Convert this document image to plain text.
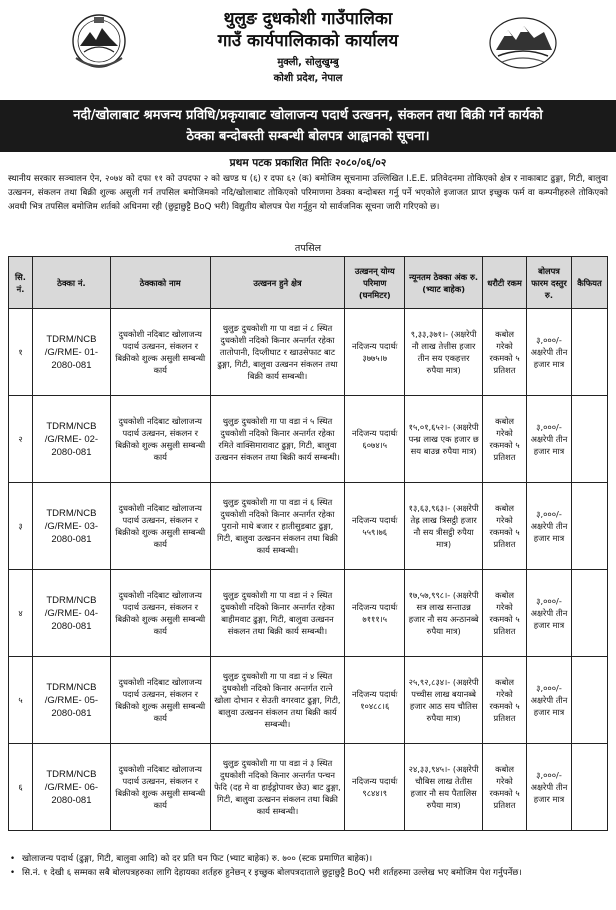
थुलुङ दुधकोशी गाउँपालिका
गाउँ कार्यपालिकाको कार्यालय
मुक्ली, सोलुखुम्बु
कोशी प्रदेश, नेपाल
नदी/खोलाबाट श्रमजन्य प्रविधि/प्रकृयाबाट खोलाजन्य पदार्थ उत्खनन, संकलन तथा बिक्री गर्ने कार्यको
ठेक्का बन्दोबस्ती सम्बन्धी बोलपत्र आह्वानको सूचना।
प्रथम पटक प्रकाशित मितिः २०८०/०६/०२
स्थानीय सरकार सञ्चालन ऐन, २०७४ को दफा ११ को उपदफा २ को खण्ड घ (६) र दफा ६२ (क) बमोजिम सूचनामा उल्लिखित I.E.E. प्रतिवेदनमा तोकिएको क्षेत्र र नाकाबाट ढुङ्गा, गिटी, बालुवा उत्खनन, संकलन तथा बिक्री शुल्क असुली गर्न तपसिल बमोजिमको नदि/खोलाबाट तोकिएको परिमाणमा ठेक्का बन्दोबस्त गर्नु पर्ने भएकोले इजाजत प्राप्त इच्छुक फर्म वा कम्पनीहरुले तोकिएको अवधी भित्र तपसिल बमोजिम शर्तको अधिनमा रही (छुट्टाछुट्टै BoQ भरी) विद्युतीय बोलपत्र पेश गर्नुहुन यो सार्वजनिक सूचना जारी गरिएको छ।
तपसिल
सि. नं.	ठेक्का नं.	ठेक्काको नाम	उत्खनन हुने क्षेत्र	उत्खनन् योग्य परिमाण (घनमिटर)	न्यूनतम ठेक्का अंक रु. (भ्याट बाहेक)	धरौटी रकम	बोलपत्र फारम दस्तुर रु.	कैफियत
१	TDRM/NCB /G/RME- 01-2080-081	दुधकोशी नदिबाट खोलाजन्य पदार्थ उत्खनन, संकलन र बिक्रीको शुल्क असुली सम्बन्धी कार्य	थुलुङ दुधकोशी गा पा वडा नं ८ स्थित दुधकोशी नदिको किनार अन्तर्गत रहेका तातोपानी, दिप्लीघाट र खाउसेफाट बाट ढुङ्गा, गिटी, बालुवा उत्खनन संकलन तथा बिक्री कार्य सम्बन्धी।	नदिजन्य पदार्थः ३७७५।७	९,३३,३७१।- (अक्षरेपी नौ लाख तेत्तीस हजार तीन सय एकहत्तर रुपैया मात्र)	कबोल गरेको रकमको ५ प्रतिशत	३,०००/- अक्षरेपी तीन हजार मात्र	
२	TDRM/NCB /G/RME- 02-2080-081	दुधकोशी नदिबाट खोलाजन्य पदार्थ उत्खनन, संकलन र बिक्रीको शुल्क असुली सम्बन्धी कार्य	थुलुङ दुधकोशी गा पा वडा नं ५ स्थित दुधकोशी नदिको किनार अन्तर्गत रहेका रमिते वाक्सिमारावाट ढुङ्गा, गिटी, बालुवा उत्खनन संकलन तथा बिक्री कार्य सम्बन्धी।	नदिजन्य पदार्थः ६०७४।५	१५,०१,६५२।- (अक्षरेपी पन्ध्र लाख एक हजार छ सय बाउन्न रुपैया मात्र)	कबोल गरेको रकमको ५ प्रतिशत	३,०००/- अक्षरेपी तीन हजार मात्र	
३	TDRM/NCB /G/RME- 03-2080-081	दुधकोशी नदिबाट खोलाजन्य पदार्थ उत्खनन, संकलन र बिक्रीको शुल्क असुली सम्बन्धी कार्य	थुलुङ दुधकोशी गा पा वडा नं ६ स्थित दुधकोशी नदिको किनार अन्तर्गत रहेका पुरानो माथे बजार र हातीसुडबाट ढुङ्गा, गिटी, बालुवा उत्खनन संकलन तथा बिक्री कार्य सम्बन्धी।	नदिजन्य पदार्थः ५५९।७६	१३,६३,९६३।- (अक्षरेपी तेह्र लाख त्रिसट्ठी हजार नौ सय त्रीसट्ठी रुपैया मात्र)	कबोल गरेको रकमको ५ प्रतिशत	३,०००/- अक्षरेपी तीन हजार मात्र	
४	TDRM/NCB /G/RME- 04-2080-081	दुधकोशी नदिबाट खोलाजन्य पदार्थ उत्खनन, संकलन र बिक्रीको शुल्क असुली सम्बन्धी कार्य	थुलुङ दुधकोशी गा पा वडा नं २ स्थित दुधकोशी नदिको किनार अन्तर्गत रहेका बाहीमवाट ढुङ्गा, गिटी, बालुवा उत्खनन संकलन तथा बिक्री कार्य सम्बन्धी।	नदिजन्य पदार्थः ७१११।५	१७,५७,९९८।- (अक्षरेपी सत्र लाख सन्ताउन्न हजार नौ सय अन्ठानब्बे रुपैया मात्र)	कबोल गरेको रकमको ५ प्रतिशत	३,०००/- अक्षरेपी तीन हजार मात्र	
५	TDRM/NCB /G/RME- 05-2080-081	दुधकोशी नदिबाट खोलाजन्य पदार्थ उत्खनन, संकलन र बिक्रीको शुल्क असुली सम्बन्धी कार्य	थुलुङ दुधकोशी गा पा वडा नं ४ स्थित दुधकोशी नदिको किनार अन्तर्गत रात्ने खोला दोभान र सेउती वगरवाट ढुङ्गा, गिटी, बालुवा उत्खनन संकलन तथा बिक्री कार्य सम्बन्धी।	नदिजन्य पदार्थः १०४८८।६	२५,९२,८३४।- (अक्षरेपी पच्चीस लाख बयानब्बे हजार आठ सय चौतिस रुपैया मात्र)	कबोल गरेको रकमको ५ प्रतिशत	३,०००/- अक्षरेपी तीन हजार मात्र	
६	TDRM/NCB /G/RME- 06-2080-081	दुधकोशी नदिबाट खोलाजन्य पदार्थ उत्खनन, संकलन र बिक्रीको शुल्क असुली सम्बन्धी कार्य	थुलुङ दुधकोशी गा पा वडा नं ३ स्थित दुधकोशी नदिको किनार अन्तर्गत पन्चन फेदि (दह मे वा हाईड्रोपावर छेउ) बाट ढुङ्गा, गिटी, बालुवा उत्खनन संकलन तथा बिक्री कार्य सम्बन्धी।	नदिजन्य पदार्थः ९८४४।९	२४,३३,९४५।- (अक्षरेपी चौबिस लाख तेतीस हजार नौ सय पैतालिस रुपैया मात्र)	कबोल गरेको रकमको ५ प्रतिशत	३,०००/- अक्षरेपी तीन हजार मात्र	
• खोलाजन्य पदार्थ (ढुङ्गा, गिटी, बालुवा आदि) को दर प्रति घन फिट (भ्याट बाहेक) रु. ७०० (स्टक प्रमाणित बाहेक)।
• सि.नं. १ देखी ६ सम्मका सबै बोलपत्रहरुका लागि देहायका शर्तहरु हुनेछन् र इच्छुक बोलपत्रदाताले छुट्टाछुट्टै BoQ भरी शर्तहरुमा उल्लेख भए बमोजिम पेश गर्नुपर्नेछ।
